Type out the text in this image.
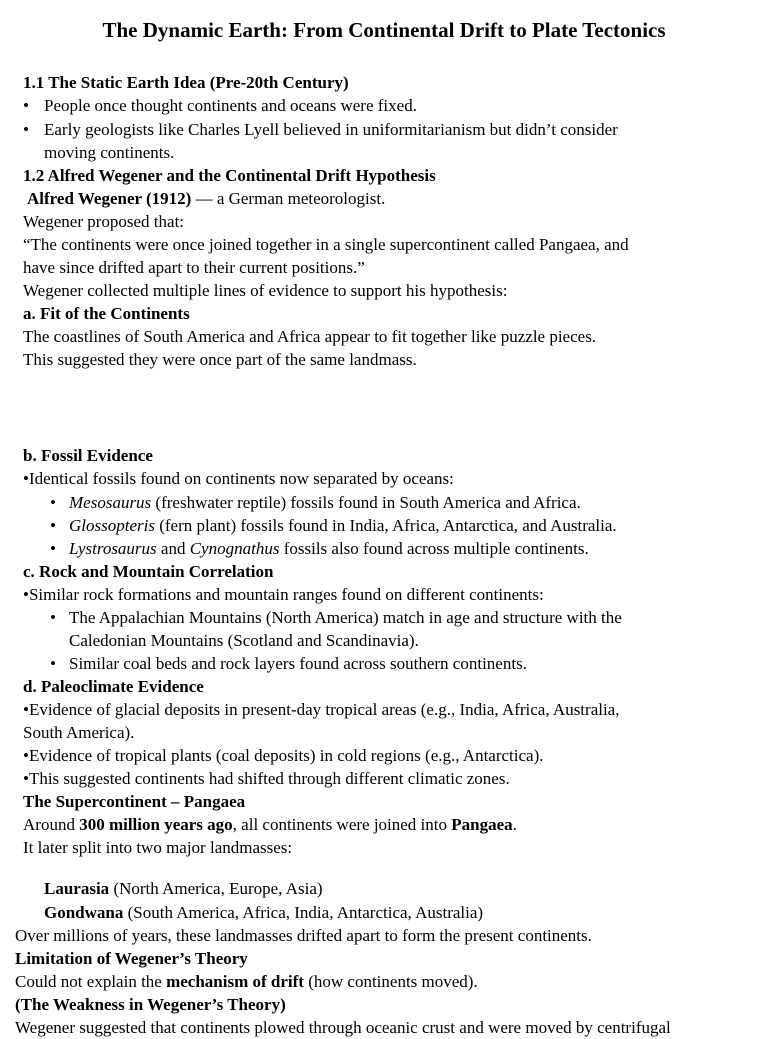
The Dynamic Earth: From Continental Drift to Plate Tectonics
1.1 The Static Earth Idea (Pre-20th Century)
• People once thought continents and oceans were fixed.
• Early geologists like Charles Lyell believed in uniformitarianism but didn’t consider
moving continents.
1.2 Alfred Wegener and the Continental Drift Hypothesis
Alfred Wegener (1912) — a German meteorologist.
Wegener proposed that:
“The continents were once joined together in a single supercontinent called Pangaea, and
have since drifted apart to their current positions.”
Wegener collected multiple lines of evidence to support his hypothesis:
a. Fit of the Continents
The coastlines of South America and Africa appear to fit together like puzzle pieces.
This suggested they were once part of the same landmass.
b. Fossil Evidence
•Identical fossils found on continents now separated by oceans:
• Mesosaurus (freshwater reptile) fossils found in South America and Africa.
• Glossopteris (fern plant) fossils found in India, Africa, Antarctica, and Australia.
• Lystrosaurus and Cynognathus fossils also found across multiple continents.
c. Rock and Mountain Correlation
•Similar rock formations and mountain ranges found on different continents:
• The Appalachian Mountains (North America) match in age and structure with the
Caledonian Mountains (Scotland and Scandinavia).
• Similar coal beds and rock layers found across southern continents.
d. Paleoclimate Evidence
•Evidence of glacial deposits in present-day tropical areas (e.g., India, Africa, Australia,
South America).
•Evidence of tropical plants (coal deposits) in cold regions (e.g., Antarctica).
•This suggested continents had shifted through different climatic zones.
The Supercontinent – Pangaea
Around 300 million years ago, all continents were joined into Pangaea.
It later split into two major landmasses:
Laurasia (North America, Europe, Asia)
Gondwana (South America, Africa, India, Antarctica, Australia)
Over millions of years, these landmasses drifted apart to form the present continents.
Limitation of Wegener’s Theory
Could not explain the mechanism of drift (how continents moved).
(The Weakness in Wegener’s Theory)
Wegener suggested that continents plowed through oceanic crust and were moved by centrifugal
